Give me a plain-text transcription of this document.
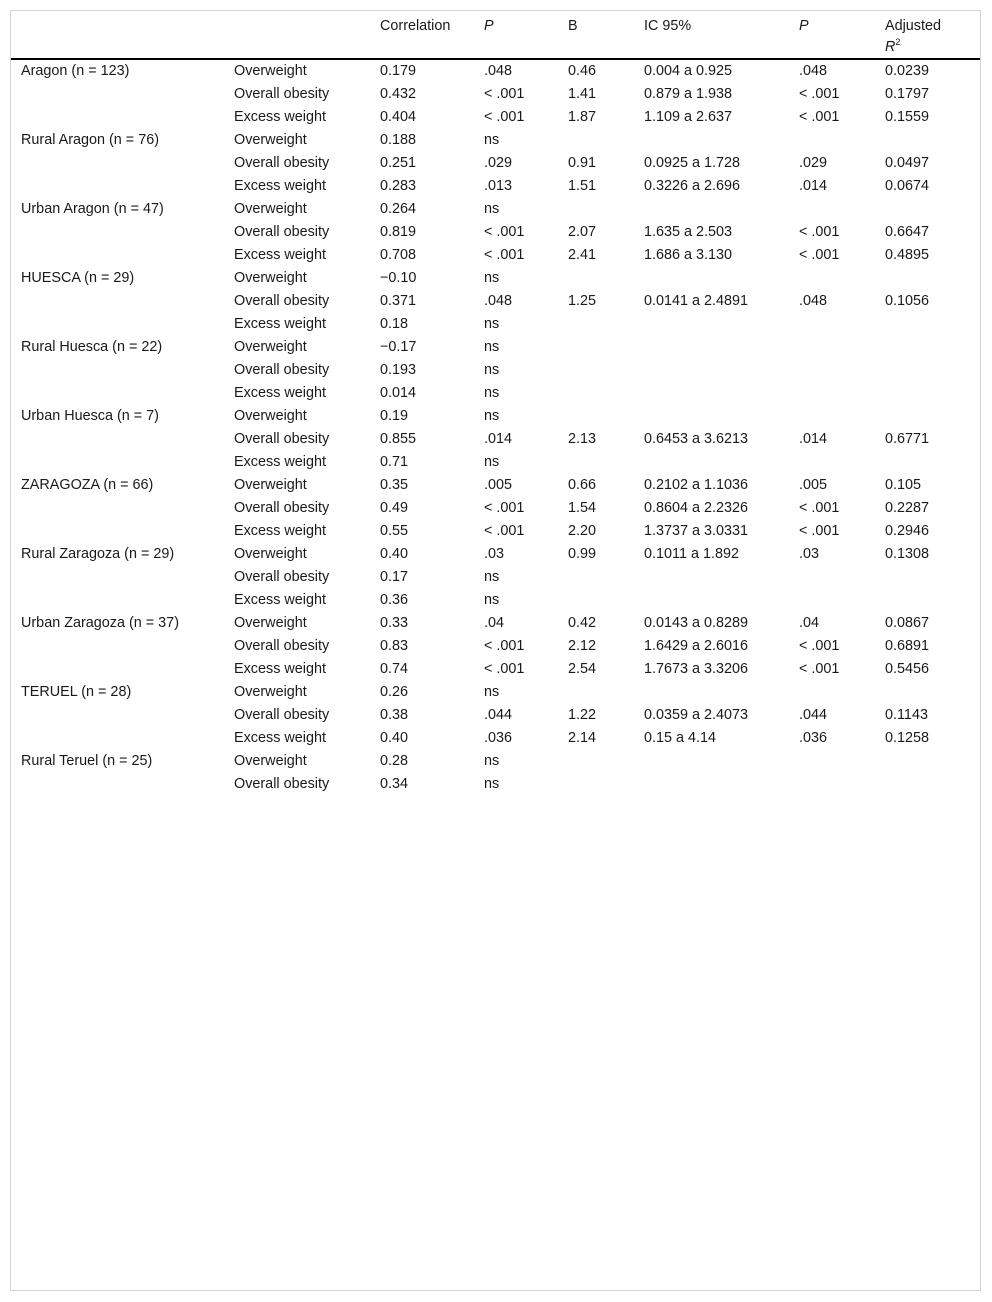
		Correlation	P	B	IC 95%	P	Adjusted
$R^2$
Aragon (n = 123)	Overweight	0.179	.048	0.46	0.004 a 0.925	.048	0.0239
	Overall obesity	0.432	< .001	1.41	0.879 a 1.938	< .001	0.1797
	Excess weight	0.404	< .001	1.87	1.109 a 2.637	< .001	0.1559
Rural Aragon (n = 76)	Overweight	0.188	ns				
	Overall obesity	0.251	.029	0.91	0.0925 a 1.728	.029	0.0497
	Excess weight	0.283	.013	1.51	0.3226 a 2.696	.014	0.0674
Urban Aragon (n = 47)	Overweight	0.264	ns				
	Overall obesity	0.819	< .001	2.07	1.635 a 2.503	< .001	0.6647
	Excess weight	0.708	< .001	2.41	1.686 a 3.130	< .001	0.4895
HUESCA (n = 29)	Overweight	−0.10	ns				
	Overall obesity	0.371	.048	1.25	0.0141 a 2.4891	.048	0.1056
	Excess weight	0.18	ns				
Rural Huesca (n = 22)	Overweight	−0.17	ns				
	Overall obesity	0.193	ns				
	Excess weight	0.014	ns				
Urban Huesca (n = 7)	Overweight	0.19	ns				
	Overall obesity	0.855	.014	2.13	0.6453 a 3.6213	.014	0.6771
	Excess weight	0.71	ns				
ZARAGOZA (n = 66)	Overweight	0.35	.005	0.66	0.2102 a 1.1036	.005	0.105
	Overall obesity	0.49	< .001	1.54	0.8604 a 2.2326	< .001	0.2287
	Excess weight	0.55	< .001	2.20	1.3737 a 3.0331	< .001	0.2946
Rural Zaragoza (n = 29)	Overweight	0.40	.03	0.99	0.1011 a 1.892	.03	0.1308
	Overall obesity	0.17	ns				
	Excess weight	0.36	ns				
Urban Zaragoza (n = 37)	Overweight	0.33	.04	0.42	0.0143 a 0.8289	.04	0.0867
	Overall obesity	0.83	< .001	2.12	1.6429 a 2.6016	< .001	0.6891
	Excess weight	0.74	< .001	2.54	1.7673 a 3.3206	< .001	0.5456
TERUEL (n = 28)	Overweight	0.26	ns				
	Overall obesity	0.38	.044	1.22	0.0359 a 2.4073	.044	0.1143
	Excess weight	0.40	.036	2.14	0.15 a 4.14	.036	0.1258
Rural Teruel (n = 25)	Overweight	0.28	ns				
	Overall obesity	0.34	ns				
